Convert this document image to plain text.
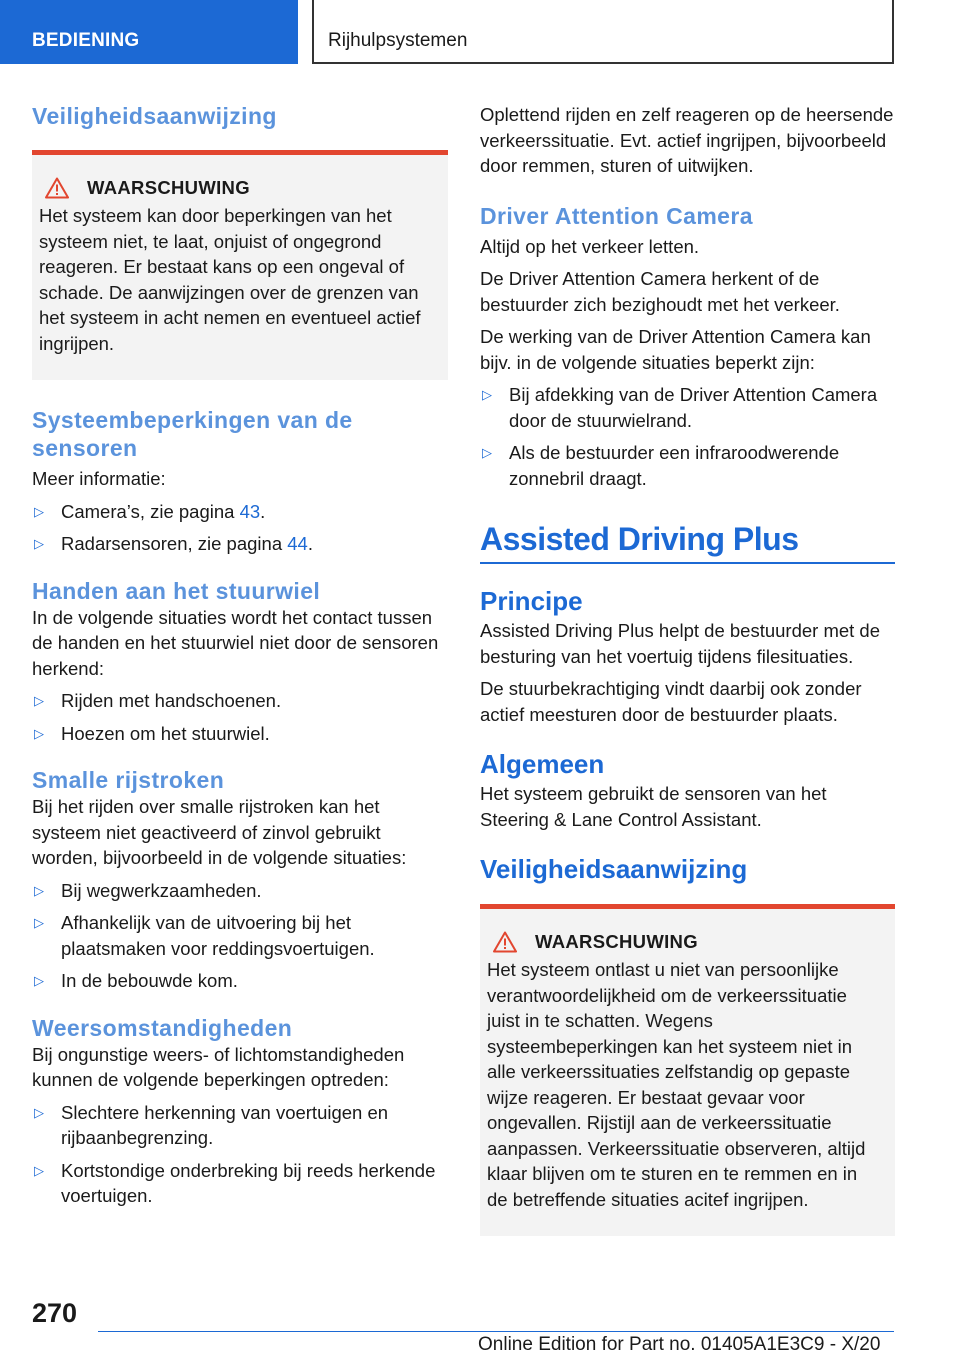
BEDIENING	Rijhulpsystemen
Veiligheidsaanwijzing
WAARSCHUWING

Het systeem kan door beperkingen van het systeem niet, te laat, onjuist of ongegrond reageren. Er bestaat kans op een ongeval of schade. De aanwijzingen over de grenzen van het systeem in acht nemen en eventueel actief ingrijpen.

Systeembeperkingen van de sensoren

Meer informatie:

▷ Camera’s, zie pagina 43.
▷ Radarsensoren, zie pagina 44.
Handen aan het stuurwiel

In de volgende situaties wordt het contact tussen de handen en het stuurwiel niet door de sensoren herkend:

▷ Rijden met handschoenen.
▷ Hoezen om het stuurwiel.
Smalle rijstroken

Bij het rijden over smalle rijstroken kan het systeem niet geactiveerd of zinvol gebruikt worden, bijvoorbeeld in de volgende situaties:

▷ Bij wegwerkzaamheden.
▷ Afhankelijk van de uitvoering bij het plaatsmaken voor reddingsvoertuigen.
▷ In de bebouwde kom.
Weersomstandigheden

Bij ongunstige weers- of lichtomstandigheden kunnen de volgende beperkingen optreden:

▷ Slechtere herkenning van voertuigen en rijbaanbegrenzing.
▷ Kortstondige onderbreking bij reeds herkende voertuigen.

Oplettend rijden en zelf reageren op de heersende verkeerssituatie. Evt. actief ingrijpen, bijvoorbeeld door remmen, sturen of uitwijken.

Driver Attention Camera

Altijd op het verkeer letten.

De Driver Attention Camera herkent of de bestuurder zich bezighoudt met het verkeer.

De werking van de Driver Attention Camera kan bijv. in de volgende situaties beperkt zijn:

▷ Bij afdekking van de Driver Attention Camera door de stuurwielrand.
▷ Als de bestuurder een infraroodwerende zonnebril draagt.
Assisted Driving Plus
Principe

Assisted Driving Plus helpt de bestuurder met de besturing van het voertuig tijdens filesituaties.

De stuurbekrachtiging vindt daarbij ook zonder actief meesturen door de bestuurder plaats.

Algemeen

Het systeem gebruikt de sensoren van het Steering & Lane Control Assistant.

Veiligheidsaanwijzing
WAARSCHUWING

Het systeem ontlast u niet van persoonlijke verantwoordelijkheid om de verkeerssituatie juist in te schatten. Wegens systeembeperkingen kan het systeem niet in alle verkeerssituaties zelfstandig op gepaste wijze reageren. Er bestaat gevaar voor ongevallen. Rijstijl aan de verkeerssituatie aanpassen. Verkeerssituatie observeren, altijd klaar blijven om te sturen en te remmen en in de betreffende situaties acitef ingrijpen.

270
Online Edition for Part no. 01405A1E3C9 - X/20
